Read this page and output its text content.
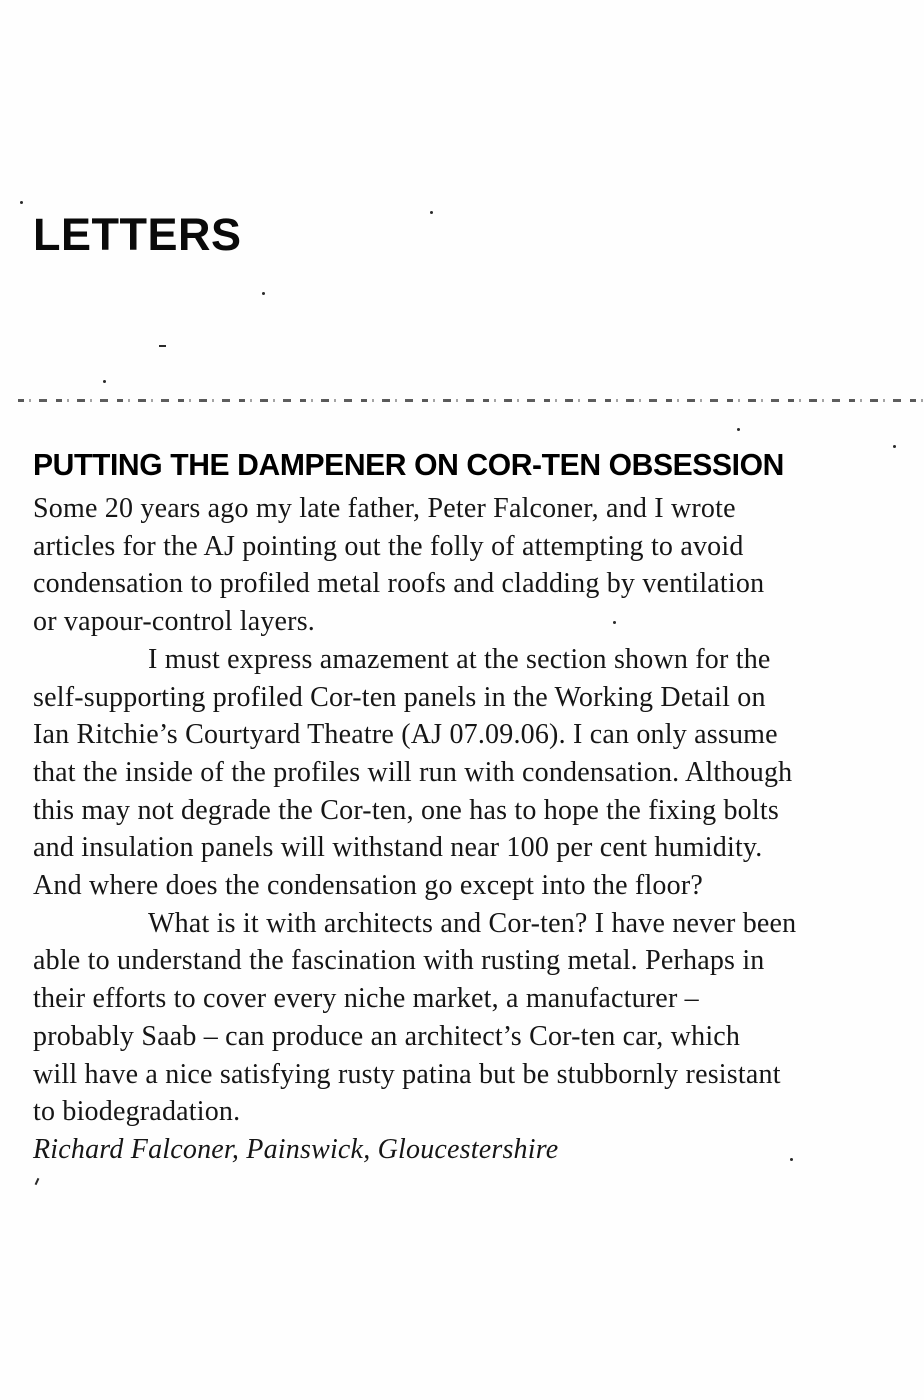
LETTERS
PUTTING THE DAMPENER ON COR-TEN OBSESSION
Some 20 years ago my late father, Peter Falconer, and I wrote
articles for the AJ pointing out the folly of attempting to avoid
condensation to profiled metal roofs and cladding by ventilation
or vapour-control layers.
I must express amazement at the section shown for the
self-supporting profiled Cor-ten panels in the Working Detail on
Ian Ritchie’s Courtyard Theatre (AJ 07.09.06). I can only assume
that the inside of the profiles will run with condensation. Although
this may not degrade the Cor-ten, one has to hope the fixing bolts
and insulation panels will withstand near 100 per cent humidity.
And where does the condensation go except into the floor?
What is it with architects and Cor-ten? I have never been
able to understand the fascination with rusting metal. Perhaps in
their efforts to cover every niche market, a manufacturer –
probably Saab – can produce an architect’s Cor-ten car, which
will have a nice satisfying rusty patina but be stubbornly resistant
to biodegradation.
Richard Falconer, Painswick, Gloucestershire
